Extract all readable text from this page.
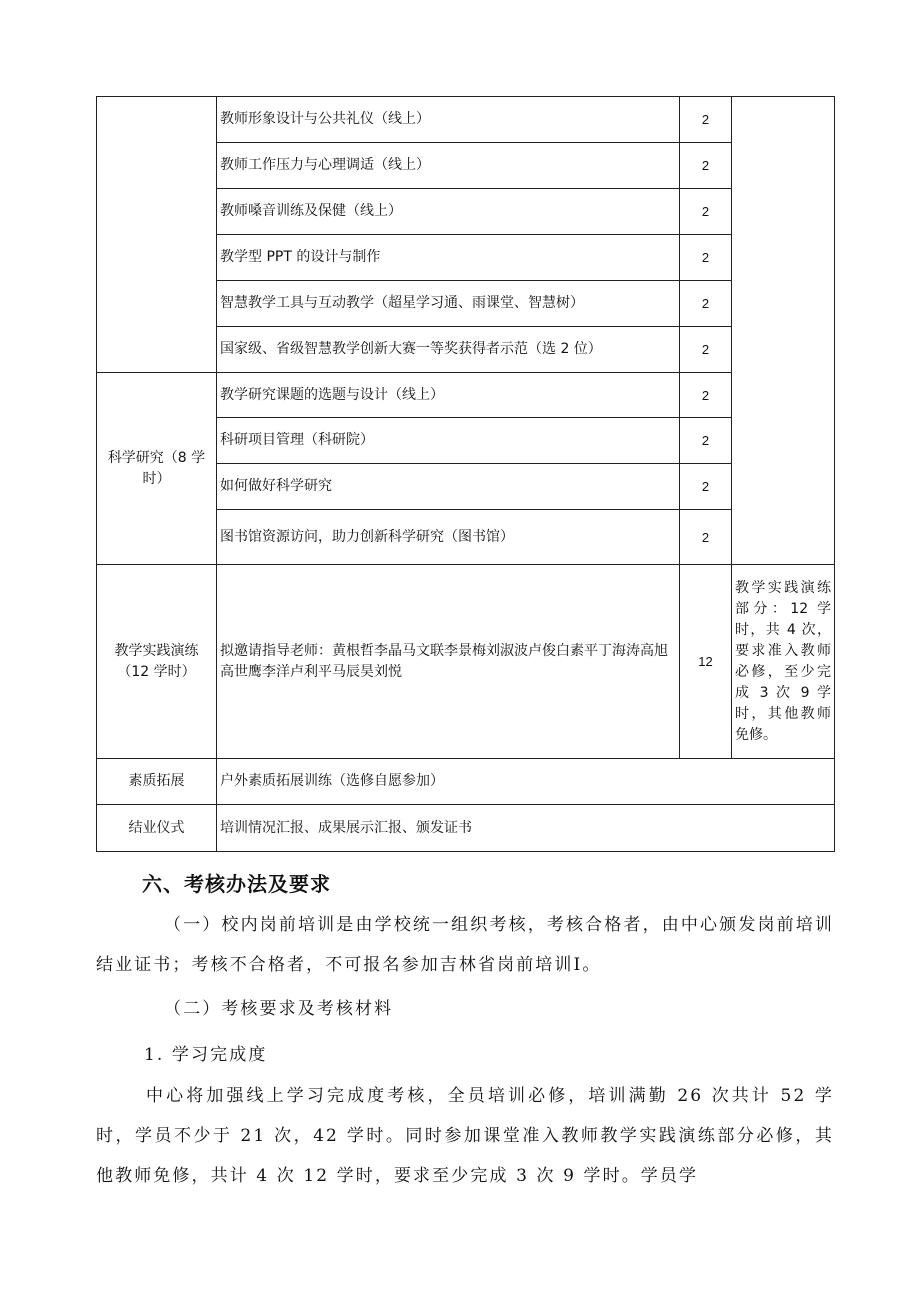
	教师形象设计与公共礼仪（线上）	2	
	教师工作压力与心理调适（线上）	2	
	教师嗓音训练及保健（线上）	2	
	教学型 PPT 的设计与制作	2	
	智慧教学工具与互动教学（超星学习通、雨课堂、智慧树）	2	
	国家级、省级智慧教学创新大赛一等奖获得者示范（选 2 位）	2	
科学研究（8 学时）	教学研究课题的选题与设计（线上）	2	
	科研项目管理（科研院）	2	
	如何做好科学研究	2	
	图书馆资源访问，助力创新科学研究（图书馆）	2	
教学实践演练（12 学时）	拟邀请指导老师：黄根哲李晶马文联李景梅刘淑波卢俊白素平丁海涛高旭高世鹰李洋卢利平马辰昊刘悦	12	教学实践演练部分：12 学时，共 4 次，要求准入教师必修，至少完成 3 次 9 学时，其他教师免修。
素质拓展	户外素质拓展训练（选修自愿参加）		
结业仪式	培训情况汇报、成果展示汇报、颁发证书		
六、考核办法及要求
（一）校内岗前培训是由学校统一组织考核，考核合格者，由中心颁发岗前培训结业证书；考核不合格者，不可报名参加吉林省岗前培训Ⅰ。
（二）考核要求及考核材料
1. 学习完成度
中心将加强线上学习完成度考核，全员培训必修，培训满勤 26 次共计 52 学时，学员不少于 21 次，42 学时。同时参加课堂准入教师教学实践演练部分必修，其他教师免修，共计 4 次 12 学时，要求至少完成 3 次 9 学时。学员学
